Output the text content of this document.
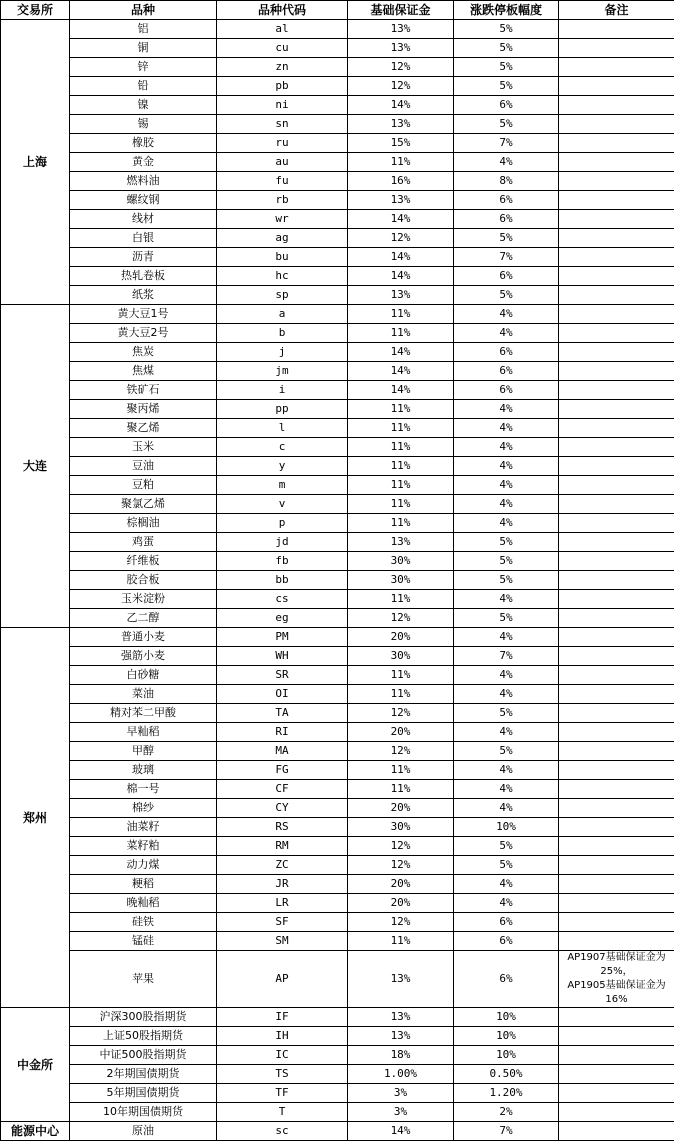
交易所	品种	品种代码	基础保证金	涨跌停板幅度	备注
上海	铝	al	13%	5%	
	铜	cu	13%	5%	
	锌	zn	12%	5%	
	铅	pb	12%	5%	
	镍	ni	14%	6%	
	锡	sn	13%	5%	
	橡胶	ru	15%	7%	
	黄金	au	11%	4%	
	燃料油	fu	16%	8%	
	螺纹钢	rb	13%	6%	
	线材	wr	14%	6%	
	白银	ag	12%	5%	
	沥青	bu	14%	7%	
	热轧卷板	hc	14%	6%	
	纸浆	sp	13%	5%	
大连	黄大豆1号	a	11%	4%	
	黄大豆2号	b	11%	4%	
	焦炭	j	14%	6%	
	焦煤	jm	14%	6%	
	铁矿石	i	14%	6%	
	聚丙烯	pp	11%	4%	
	聚乙烯	l	11%	4%	
	玉米	c	11%	4%	
	豆油	y	11%	4%	
	豆粕	m	11%	4%	
	聚氯乙烯	v	11%	4%	
	棕榈油	p	11%	4%	
	鸡蛋	jd	13%	5%	
	纤维板	fb	30%	5%	
	胶合板	bb	30%	5%	
	玉米淀粉	cs	11%	4%	
	乙二醇	eg	12%	5%	
郑州	普通小麦	PM	20%	4%	
	强筋小麦	WH	30%	7%	
	白砂糖	SR	11%	4%	
	菜油	OI	11%	4%	
	精对苯二甲酸	TA	12%	5%	
	早籼稻	RI	20%	4%	
	甲醇	MA	12%	5%	
	玻璃	FG	11%	4%	
	棉一号	CF	11%	4%	
	棉纱	CY	20%	4%	
	油菜籽	RS	30%	10%	
	菜籽粕	RM	12%	5%	
	动力煤	ZC	12%	5%	
	粳稻	JR	20%	4%	
	晚籼稻	LR	20%	4%	
	硅铁	SF	12%	6%	
	锰硅	SM	11%	6%	
	苹果	AP	13%	6%	AP1907基础保证金为25%，
AP1905基础保证金为16%

中金所	沪深300股指期货	IF	13%	10%	
	上证50股指期货	IH	13%	10%	
	中证500股指期货	IC	18%	10%	
	2年期国债期货	TS	1.00%	0.50%	
	5年期国债期货	TF	3%	1.20%	
	10年期国债期货	T	3%	2%	
能源中心	原油	sc	14%	7%	
